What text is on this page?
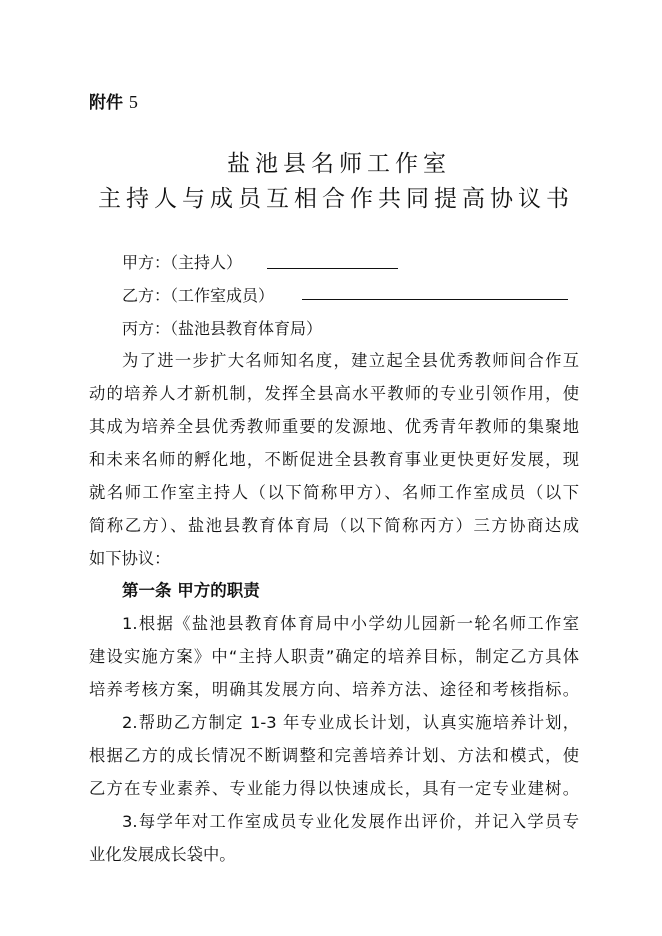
附件 5
盐池县名师工作室
主持人与成员互相合作共同提高协议书
甲方：（主持人）
乙方：（工作室成员）
丙方：（盐池县教育体育局）
为了进一步扩大名师知名度，建立起全县优秀教师间合作互
动的培养人才新机制，发挥全县高水平教师的专业引领作用，使
其成为培养全县优秀教师重要的发源地、优秀青年教师的集聚地
和未来名师的孵化地，不断促进全县教育事业更快更好发展，现
就名师工作室主持人（以下简称甲方）、名师工作室成员（以下
简称乙方）、盐池县教育体育局（以下简称丙方）三方协商达成
如下协议：
第一条 甲方的职责
1.根据《盐池县教育体育局中小学幼儿园新一轮名师工作室
建设实施方案》中“主持人职责”确定的培养目标，制定乙方具体
培养考核方案，明确其发展方向、培养方法、途径和考核指标。
2.帮助乙方制定 1-3 年专业成长计划，认真实施培养计划，
根据乙方的成长情况不断调整和完善培养计划、方法和模式，使
乙方在专业素养、专业能力得以快速成长，具有一定专业建树。
3.每学年对工作室成员专业化发展作出评价，并记入学员专
业化发展成长袋中。
